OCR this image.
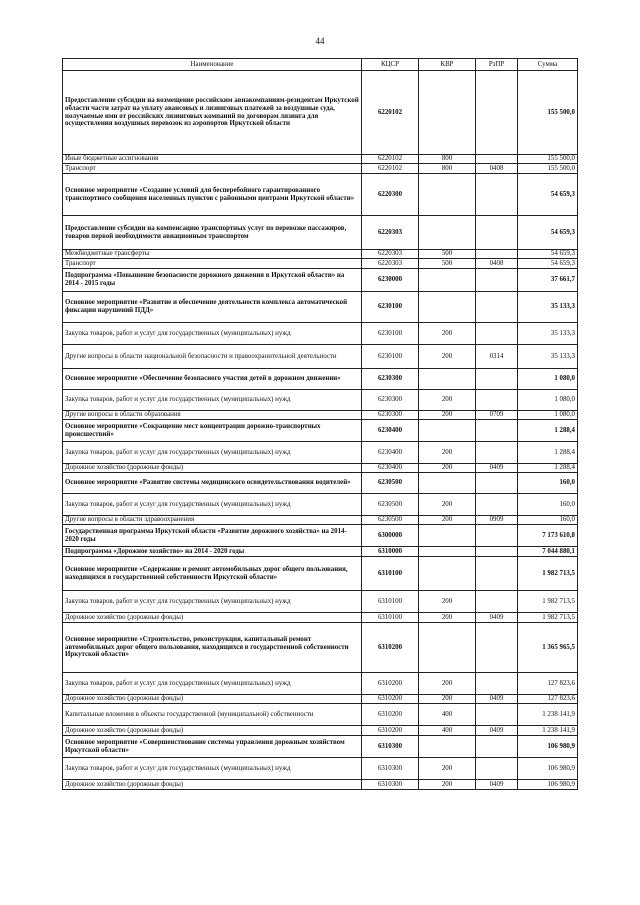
44
Наименование	КЦСР	КВР	РзПР	Сумма
Предоставление субсидии на возмещение российским авиакомпаниям-резидентам Иркутской области части затрат на уплату авансовых и лизинговых платежей за воздушные суда, получаемые ими от российских лизинговых компаний по договорам лизинга для осуществления воздушных перевозок из аэропортов Иркутской области	6220102			155 500,0
Иные бюджетные ассигнования	6220102	800		155 500,0
Транспорт	6220102	800	0408	155 500,0
Основное мероприятие «Создание условий для бесперебойного гарантированного транспортного сообщения населенных пунктов с районными центрами Иркутской области»	6220300			54 659,3
Предоставление субсидии на компенсацию транспортных услуг по перевозке пассажиров, товаров первой необходимости авиационным транспортом	6220303			54 659,3
Межбюджетные трансферты	6220303	500		54 659,3
Транспорт	6220303	500	0408	54 659,3
Подпрограмма «Повышение безопасности дорожного движения в Иркутской области» на 2014 - 2015 годы	6230000			37 661,7
Основное мероприятие «Развитие и обеспечение деятельности комплекса автоматической фиксации нарушений ПДД»	6230100			35 133,3
Закупка товаров, работ и услуг для государственных (муниципальных) нужд	6230100	200		35 133,3
Другие вопросы в области национальной безопасности и правоохранительной деятельности	6230100	200	0314	35 133,3
Основное мероприятие «Обеспечение безопасного участия детей в дорожном движении»	6230300			1 080,0
Закупка товаров, работ и услуг для государственных (муниципальных) нужд	6230300	200		1 080,0
Другие вопросы в области образования	6230300	200	0709	1 080,0
Основное мероприятие «Сокращение мест концентрации дорожно-транспортных происшествий»	6230400			1 288,4
Закупка товаров, работ и услуг для государственных (муниципальных) нужд	6230400	200		1 288,4
Дорожное хозяйство (дорожные фонды)	6230400	200	0409	1 288,4
Основное мероприятие «Развитие системы медицинского освидетельствования водителей»	6230500			160,0
Закупка товаров, работ и услуг для государственных (муниципальных) нужд	6230500	200		160,0
Другие вопросы в области здравоохранения	6230500	200	0909	160,0
Государственная программа Иркутской области «Развитие дорожного хозяйства» на 2014-2020 годы	6300000			7 173 610,8
Подпрограмма «Дорожное хозяйство» на 2014 - 2020 годы	6310000			7 044 880,1
Основное мероприятие «Содержание и ремонт автомобильных дорог общего пользования, находящихся в государственной собственности Иркутской области»	6310100			1 982 713,5
Закупка товаров, работ и услуг для государственных (муниципальных) нужд	6310100	200		1 982 713,5
Дорожное хозяйство (дорожные фонды)	6310100	200	0409	1 982 713,5
Основное мероприятие «Строительство, реконструкция, капитальный ремонт автомобильных дорог общего пользования, находящихся в государственной собственности Иркутской области»	6310200			1 365 965,5
Закупка товаров, работ и услуг для государственных (муниципальных) нужд	6310200	200		127 823,6
Дорожное хозяйство (дорожные фонды)	6310200	200	0409	127 823,6
Капитальные вложения в объекты государственной (муниципальной) собственности	6310200	400		1 238 141,9
Дорожное хозяйство (дорожные фонды)	6310200	400	0409	1 238 141,9
Основное мероприятие «Совершенствование системы управления дорожным хозяйством Иркутской области»	6310300			106 980,9
Закупка товаров, работ и услуг для государственных (муниципальных) нужд	6310300	200		106 980,9
Дорожное хозяйство (дорожные фонды)	6310300	200	0409	106 980,9
